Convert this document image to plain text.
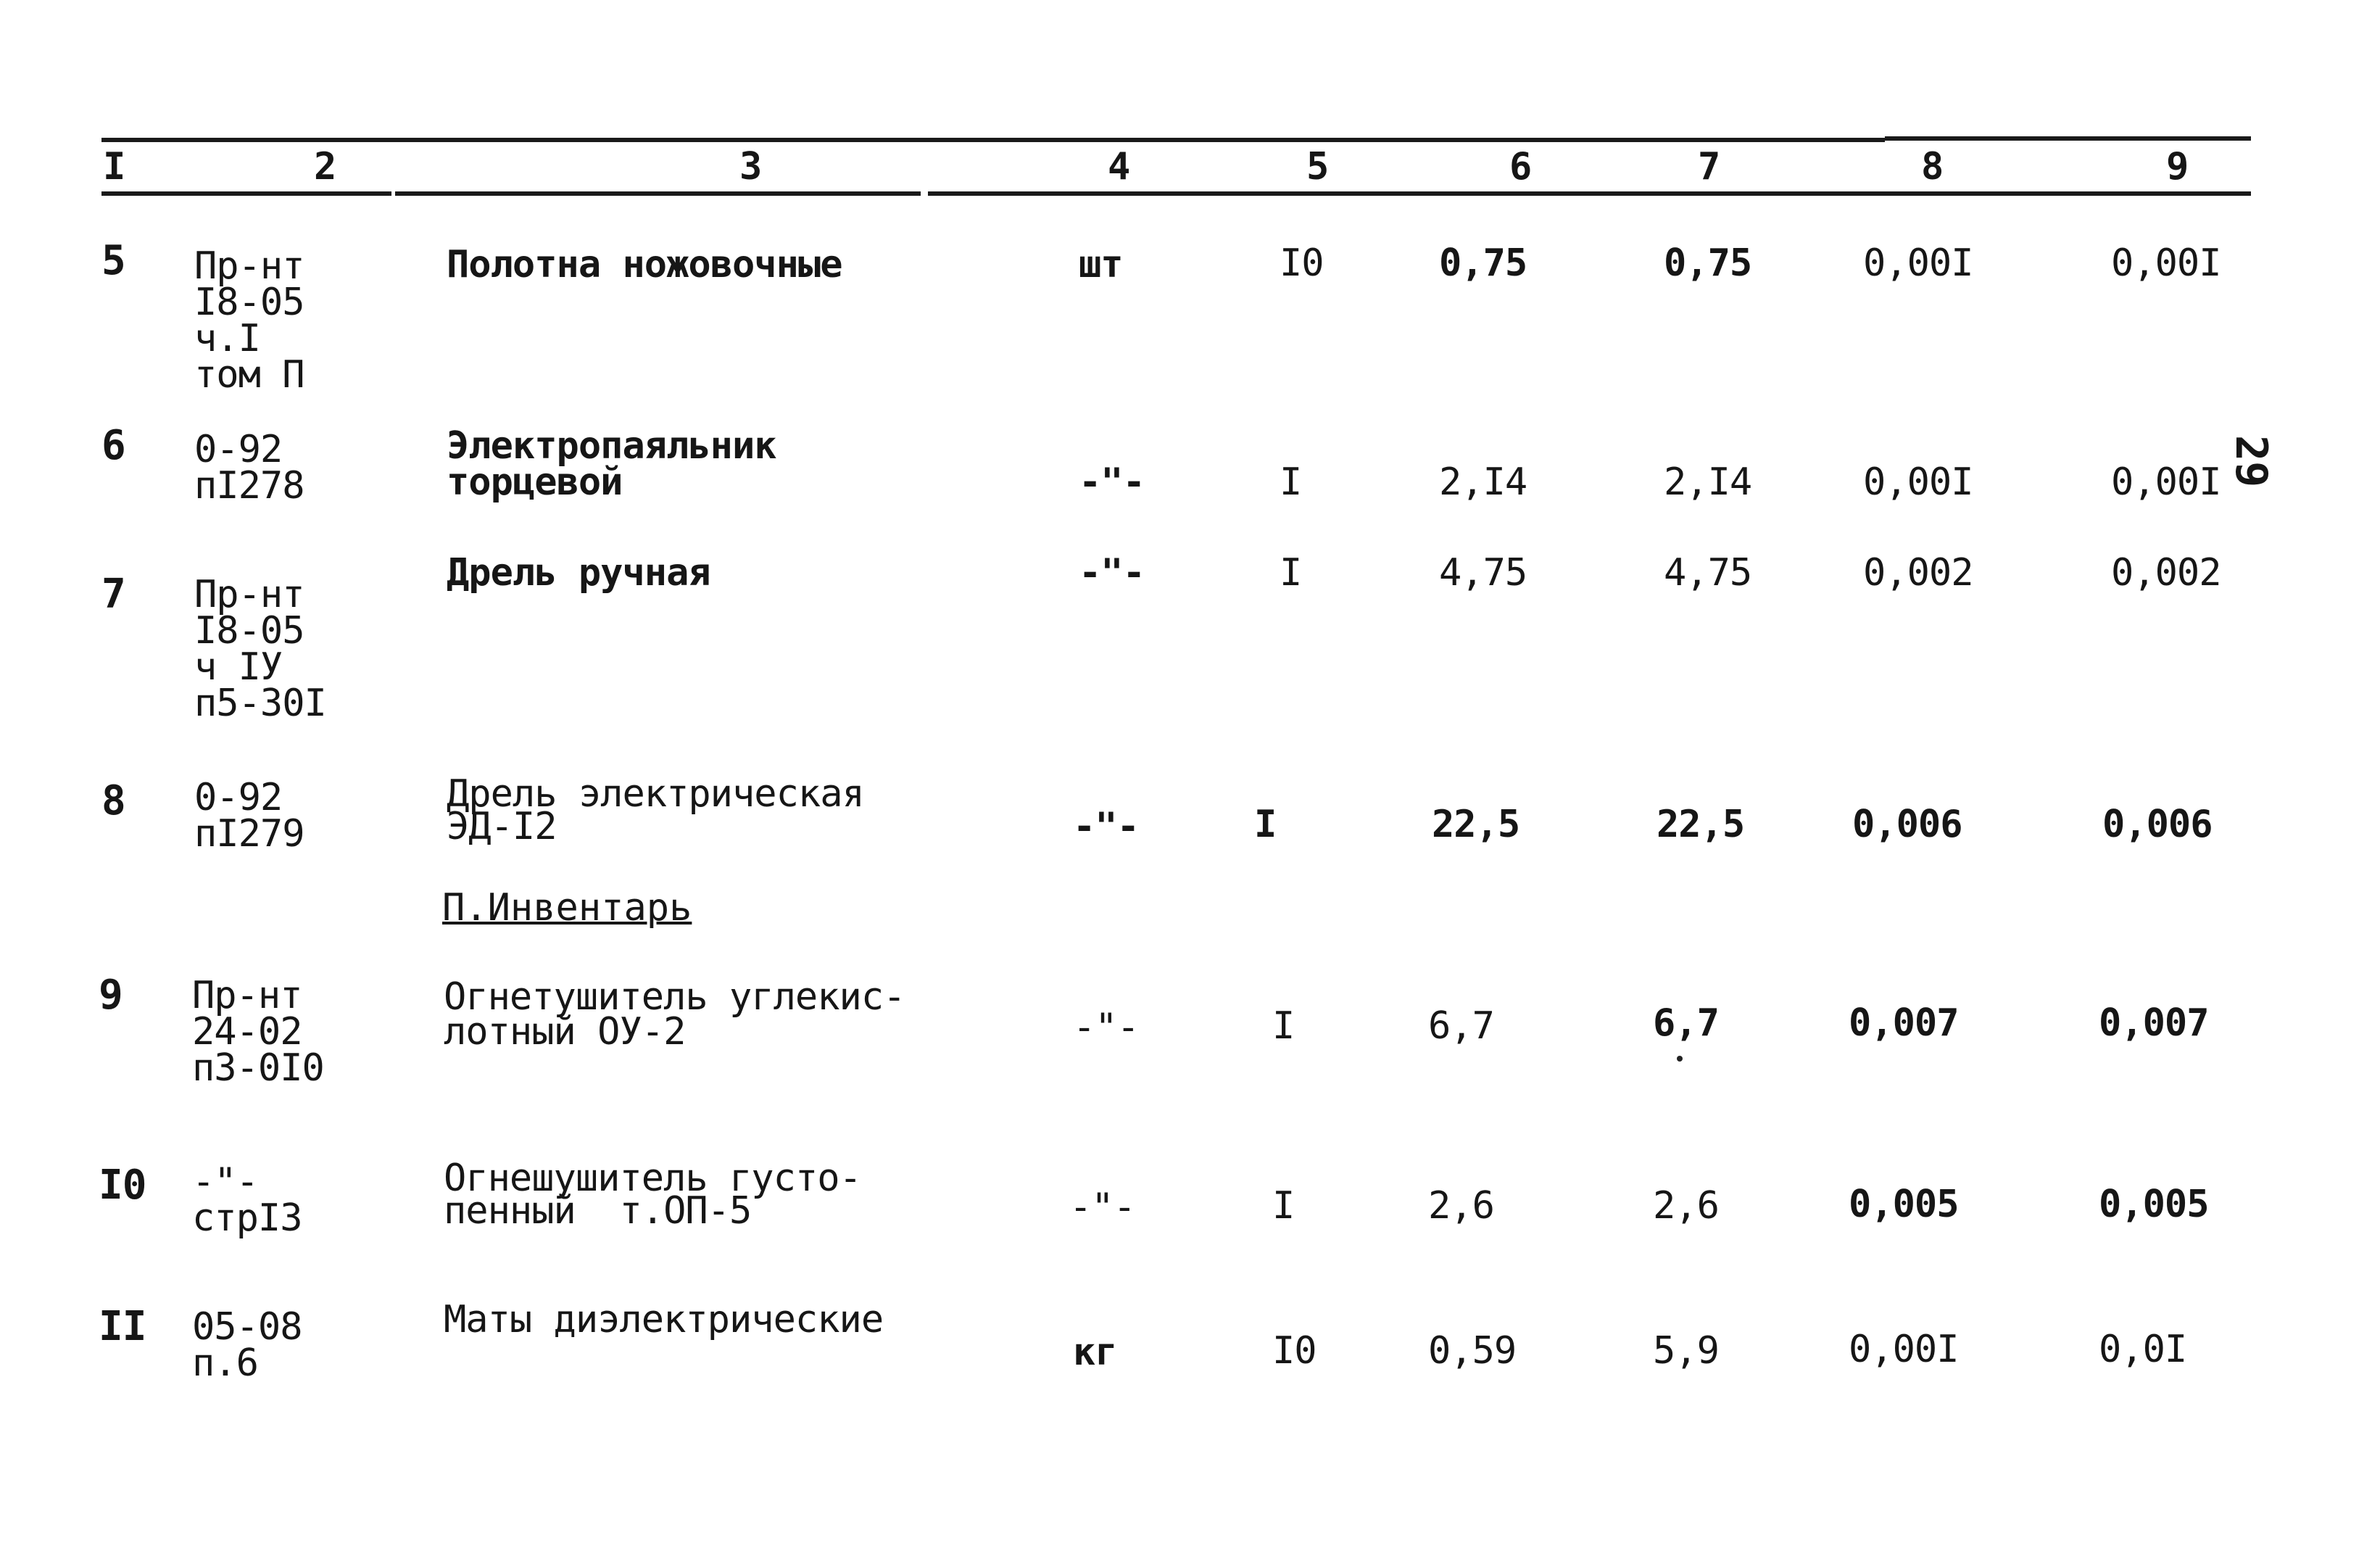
I	2	3	4	5	6	7	8	9
29
5 Пр-нт
I8-05
ч.I
том П
Полотна ножовочные	шт	I0	0,75	0,75	0,00I	0,00I
6 0-92
пI278
Электропаяльник
торцевой	-"-	I	2,I4	2,I4	0,00I	0,00I
7 Пр-нт
I8-05
ч IУ
п5-30I
Дрель ручная	-"-	I	4,75	4,75	0,002	0,002
8 0-92
пI279
Дрель электрическая
ЭД-I2	-"-	I	22,5	22,5	0,006	0,006
П.Инвентарь
9 Пр-нт
24-02
п3-0I0
Огнетушитель углекис-
лотный ОУ-2	-"-	I	6,7	6,7	0,007	0,007
I0 -"-
стрI3
Огнешушитель густо-
пенный  т.ОП-5	-"-	I	2,6	2,6	0,005	0,005
II 05-08
п.6
Маты диэлектрические
кг	I0	0,59	5,9	0,00I	0,0I
